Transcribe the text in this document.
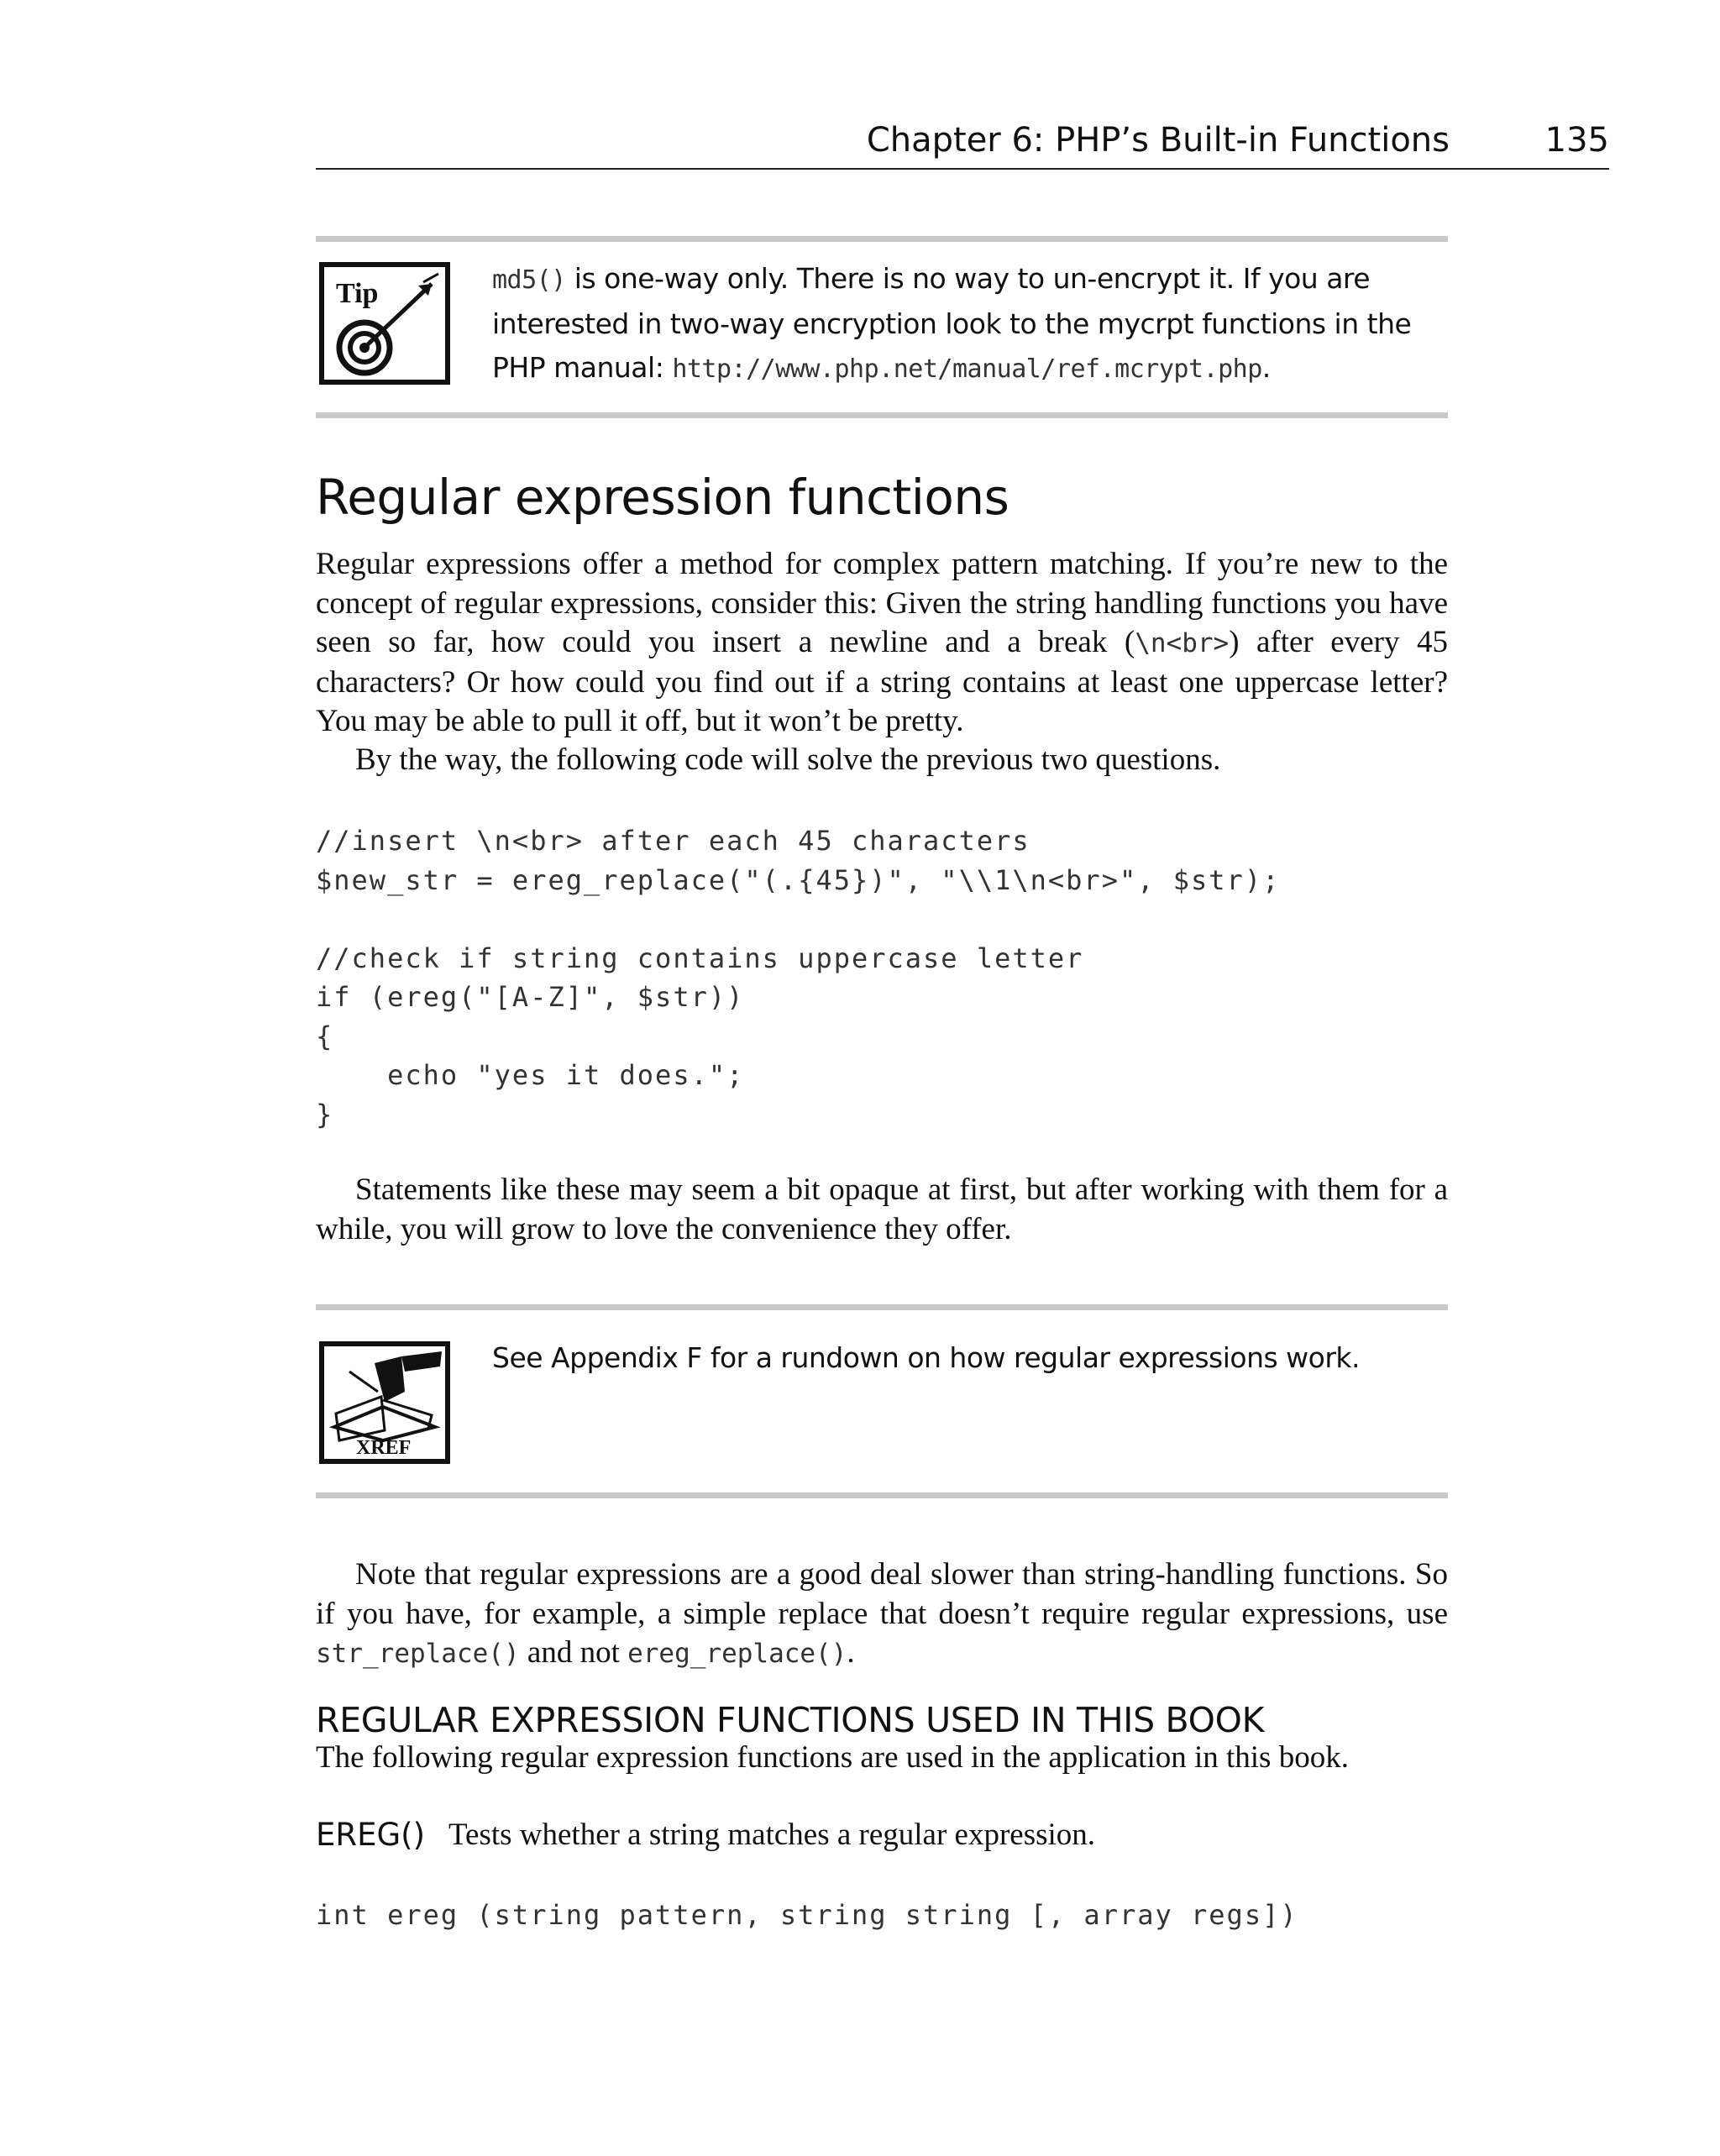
Chapter 6: PHP’s Built-in Functions	135
Tip	md5() is one-way only. There is no way to un-encrypt it. If you are interested in two-way encryption look to the mycrpt functions in the PHP manual: http://www.php.net/manual/ref.mcrypt.php.
Regular expression functions
Regular expressions offer a method for complex pattern matching. If you’re new to the concept of regular expressions, consider this: Given the string handling functions you have seen so far, how could you insert a newline and a break (\n<br>) after every 45 characters? Or how could you find out if a string contains at least one uppercase letter? You may be able to pull it off, but it won’t be pretty.
By the way, the following code will solve the previous two questions.
//insert \n<br> after each 45 characters
$new_str = ereg_replace("(.{45})", "\\1\n<br>", $str);

//check if string contains uppercase letter
if (ereg("[A-Z]", $str))
{
echo "yes it does.";
}
Statements like these may seem a bit opaque at first, but after working with them for a while, you will grow to love the convenience they offer.
XREF
See Appendix F for a rundown on how regular expressions work.
Note that regular expressions are a good deal slower than string-handling functions. So if you have, for example, a simple replace that doesn’t require regular expressions, use str_replace() and not ereg_replace().
REGULAR EXPRESSION FUNCTIONS USED IN THIS BOOK
The following regular expression functions are used in the application in this book.
EREG() Tests whether a string matches a regular expression.
int ereg (string pattern, string string [, array regs])
